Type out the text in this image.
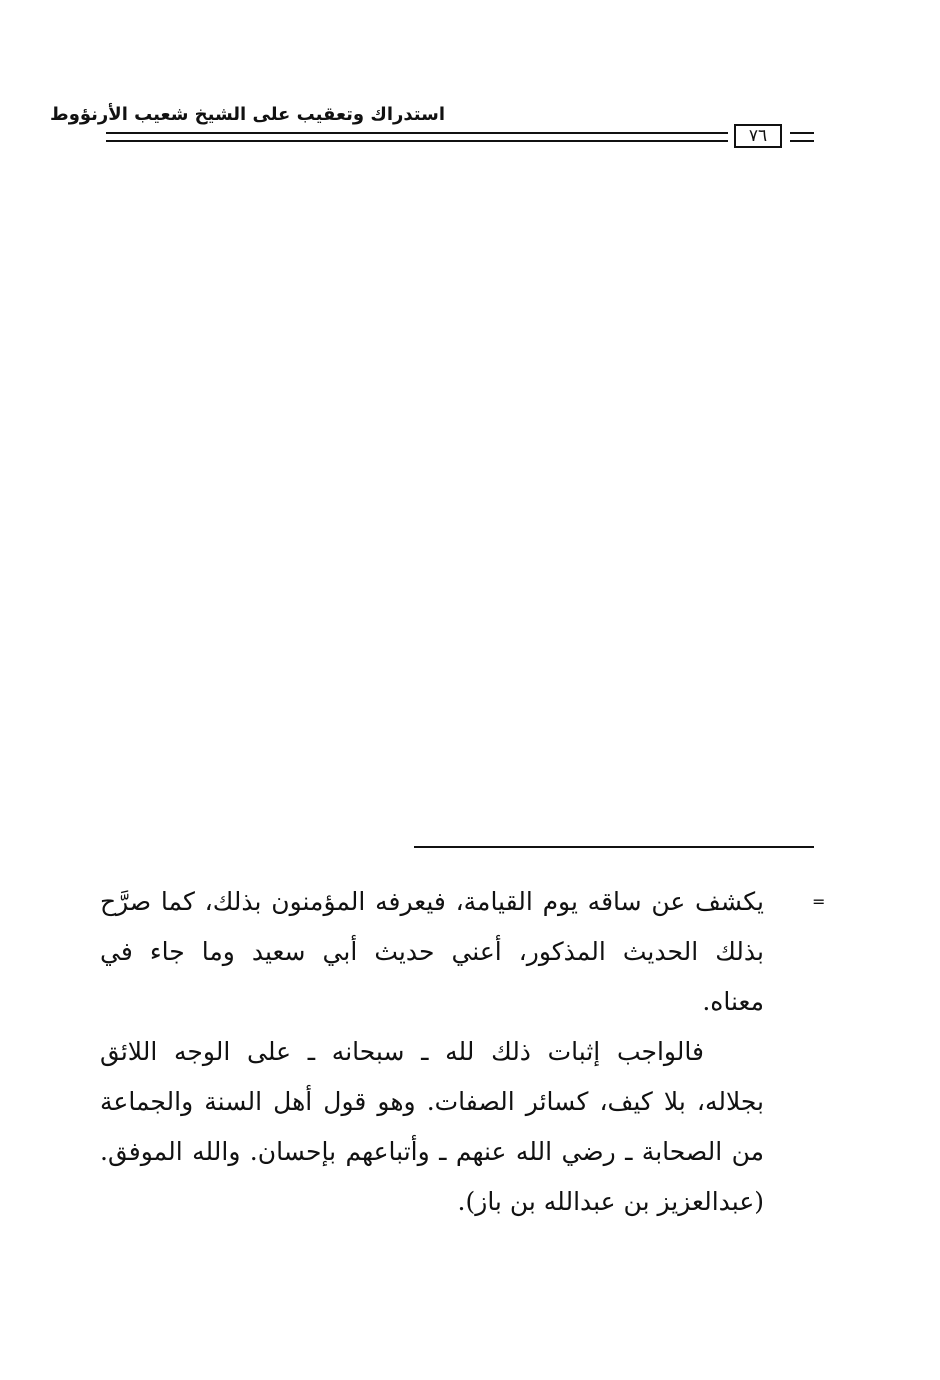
استدراك وتعقيب على الشيخ شعيب الأرنؤوط
٧٦
=
يكشف عن ساقه يوم القيامة، فيعرفه المؤمنون بذلك، كما صرَّح
بذلك الحديث المذكور، أعني حديث أبي سعيد وما جاء في
معناه.
فالواجب إثبات ذلك لله ـ سبحانه ـ على الوجه اللائق
بجلاله، بلا كيف، كسائر الصفات. وهو قول أهل السنة والجماعة
من الصحابة ـ رضي الله عنهم ـ وأتباعهم بإحسان. والله الموفق.
(عبدالعزيز بن عبدالله بن باز).
